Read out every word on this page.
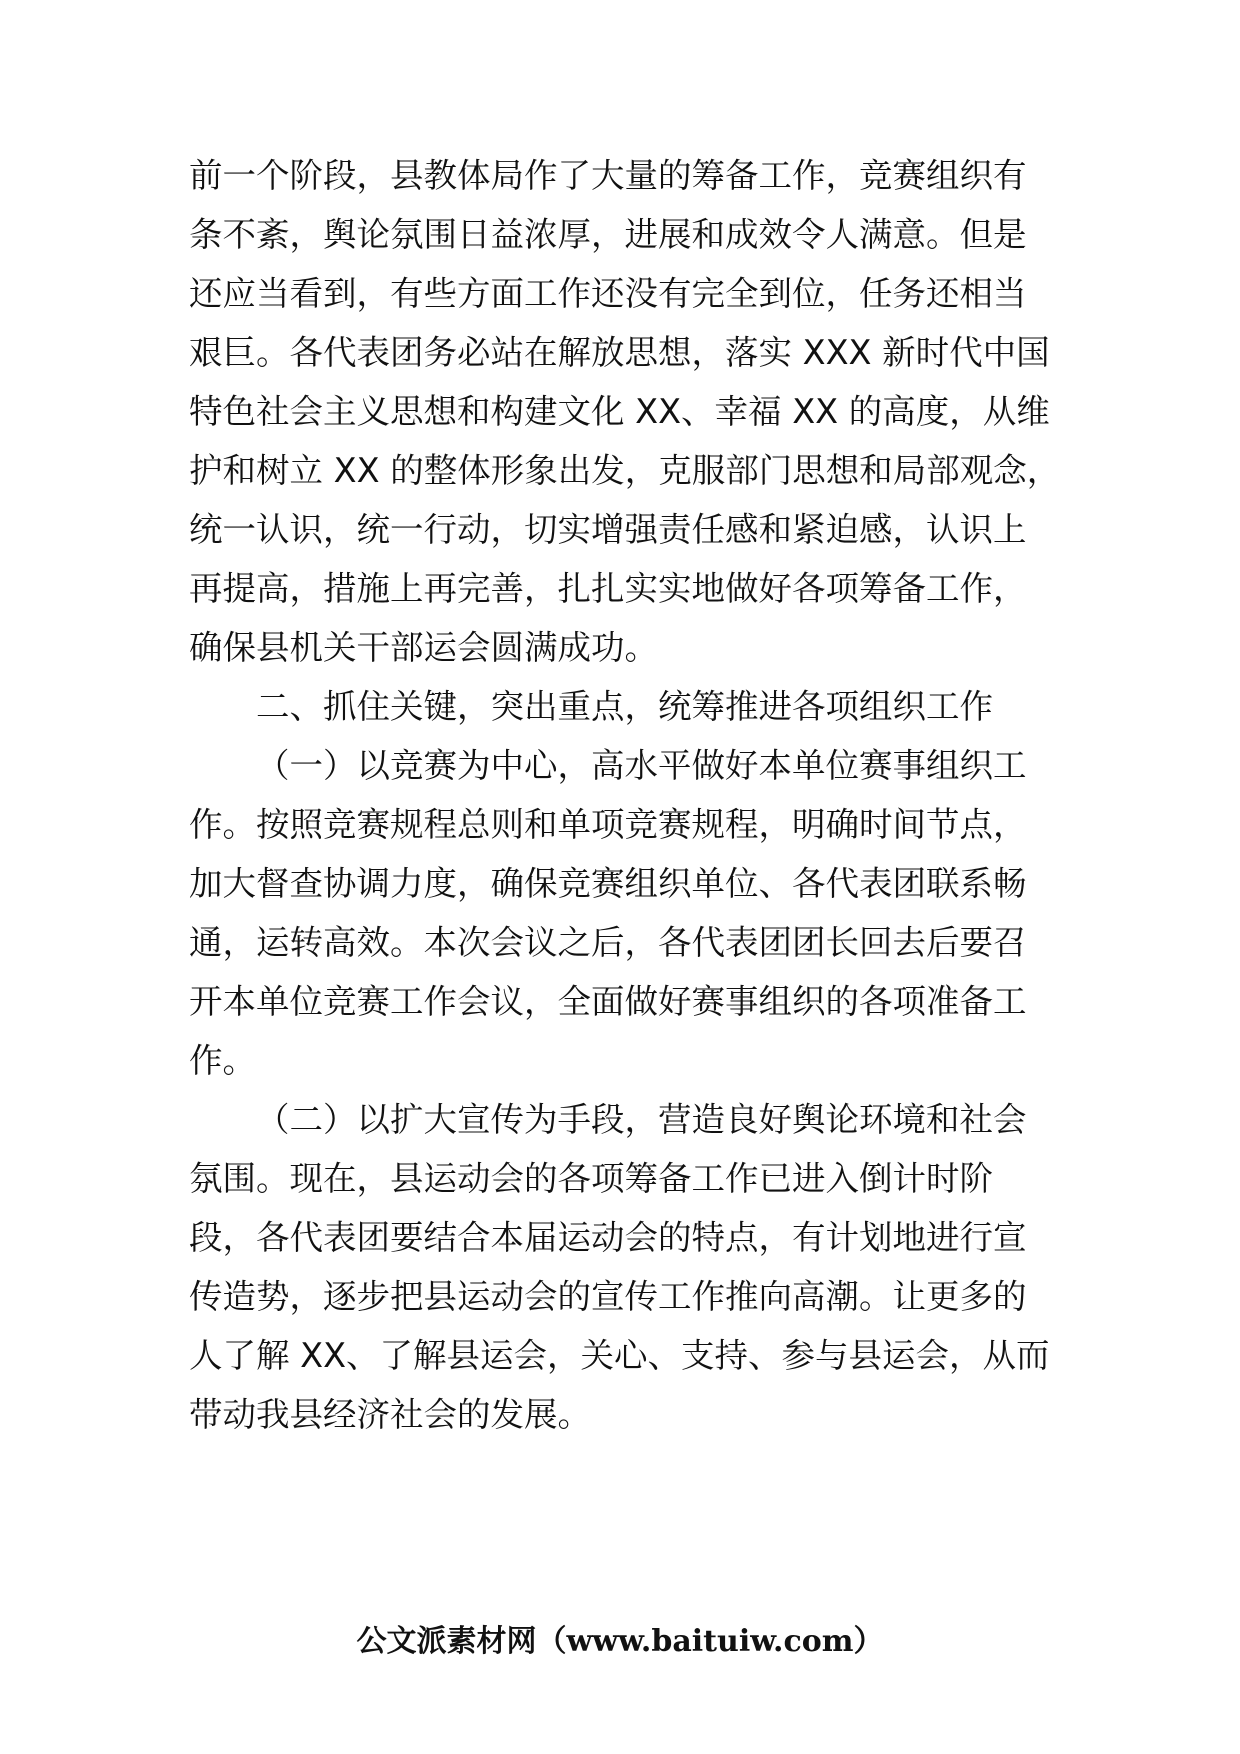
前一个阶段，县教体局作了大量的筹备工作，竞赛组织有
条不紊，舆论氛围日益浓厚，进展和成效令人满意。但是
还应当看到，有些方面工作还没有完全到位，任务还相当
艰巨。各代表团务必站在解放思想，落实 XXX 新时代中国
特色社会主义思想和构建文化 XX、幸福 XX 的高度，从维
护和树立 XX 的整体形象出发，克服部门思想和局部观念，
统一认识，统一行动，切实增强责任感和紧迫感，认识上
再提高，措施上再完善，扎扎实实地做好各项筹备工作，
确保县机关干部运会圆满成功。
二、抓住关键，突出重点，统筹推进各项组织工作
（一）以竞赛为中心，高水平做好本单位赛事组织工
作。按照竞赛规程总则和单项竞赛规程，明确时间节点，
加大督查协调力度，确保竞赛组织单位、各代表团联系畅
通，运转高效。本次会议之后，各代表团团长回去后要召
开本单位竞赛工作会议，全面做好赛事组织的各项准备工
作。
（二）以扩大宣传为手段，营造良好舆论环境和社会
氛围。现在，县运动会的各项筹备工作已进入倒计时阶
段，各代表团要结合本届运动会的特点，有计划地进行宣
传造势，逐步把县运动会的宣传工作推向高潮。让更多的
人了解 XX、了解县运会，关心、支持、参与县运会，从而
带动我县经济社会的发展。
公文派素材网（www.baituiw.com）
